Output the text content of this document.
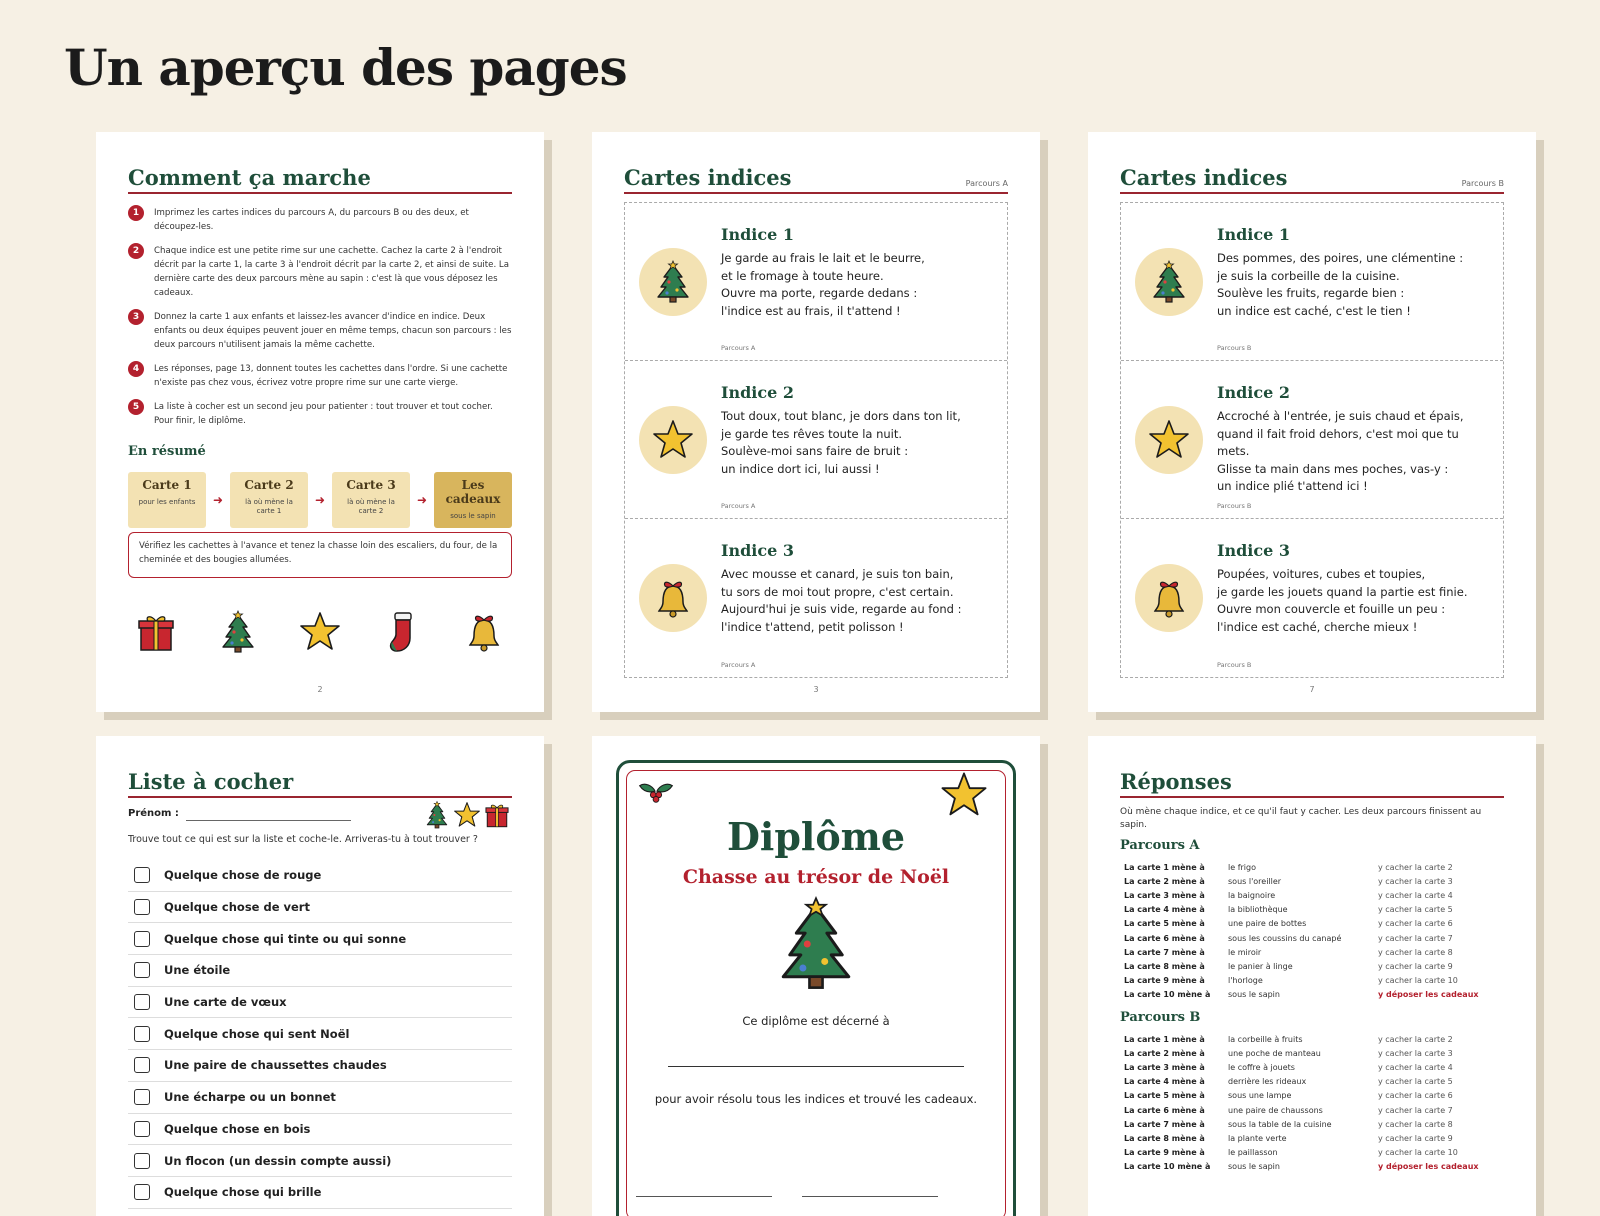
Un aperçu des pages
Comment ça marche
1	Imprimez les cartes indices du parcours A, du parcours B ou des deux, et découpez-les.
2	Chaque indice est une petite rime sur une cachette. Cachez la carte 2 à l'endroit décrit par la carte 1, la carte 3 à l'endroit décrit par la carte 2, et ainsi de suite. La dernière carte des deux parcours mène au sapin : c'est là que vous déposez les cadeaux.
3	Donnez la carte 1 aux enfants et laissez-les avancer d'indice en indice. Deux enfants ou deux équipes peuvent jouer en même temps, chacun son parcours : les deux parcours n'utilisent jamais la même cachette.
4	Les réponses, page 13, donnent toutes les cachettes dans l'ordre. Si une cachette n'existe pas chez vous, écrivez votre propre rime sur une carte vierge.
5	La liste à cocher est un second jeu pour patienter : tout trouver et tout cocher. Pour finir, le diplôme.
En résumé
Carte 1
pour les enfants	➜
Carte 2
là où mène la carte 1
➜
Carte 3
là où mène la carte 2
➜
Les cadeaux
sous le sapin
Vérifiez les cachettes à l'avance et tenez la chasse loin des escaliers, du four, de la cheminée et des bougies allumées.
2
Cartes indices	Parcours A
Indice 1
Je garde au frais le lait et le beurre,
et le fromage à toute heure.
Ouvre ma porte, regarde dedans :
l'indice est au frais, il t'attend !
Parcours A
Indice 2
Tout doux, tout blanc, je dors dans ton lit,
je garde tes rêves toute la nuit.
Soulève-moi sans faire de bruit :
un indice dort ici, lui aussi !
Parcours A
Indice 3
Avec mousse et canard, je suis ton bain,
tu sors de moi tout propre, c'est certain.
Aujourd'hui je suis vide, regarde au fond :
l'indice t'attend, petit polisson !
Parcours A
3
Cartes indices	Parcours B
Indice 1
Des pommes, des poires, une clémentine :
je suis la corbeille de la cuisine.
Soulève les fruits, regarde bien :
un indice est caché, c'est le tien !
Parcours B
Indice 2
Accroché à l'entrée, je suis chaud et épais,
quand il fait froid dehors, c'est moi que tu mets.
Glisse ta main dans mes poches, vas-y :
un indice plié t'attend ici !
Parcours B
Indice 3
Poupées, voitures, cubes et toupies,
je garde les jouets quand la partie est finie.
Ouvre mon couvercle et fouille un peu :
l'indice est caché, cherche mieux !
Parcours B
7
Liste à cocher
Prénom :
Trouve tout ce qui est sur la liste et coche-le. Arriveras-tu à tout trouver ?
Quelque chose de rouge
Quelque chose de vert
Quelque chose qui tinte ou qui sonne
Une étoile
Une carte de vœux
Quelque chose qui sent Noël
Une paire de chaussettes chaudes
Une écharpe ou un bonnet
Quelque chose en bois
Un flocon (un dessin compte aussi)
Quelque chose qui brille
Diplôme
Chasse au trésor de Noël
Ce diplôme est décerné à
pour avoir résolu tous les indices et trouvé les cadeaux.
Réponses
Où mène chaque indice, et ce qu'il faut y cacher. Les deux parcours finissent au sapin.
Parcours A
La carte 1 mène à	le frigo	y cacher la carte 2
La carte 2 mène à	sous l'oreiller	y cacher la carte 3
La carte 3 mène à	la baignoire	y cacher la carte 4
La carte 4 mène à	la bibliothèque	y cacher la carte 5
La carte 5 mène à	une paire de bottes	y cacher la carte 6
La carte 6 mène à	sous les coussins du canapé	y cacher la carte 7
La carte 7 mène à	le miroir	y cacher la carte 8
La carte 8 mène à	le panier à linge	y cacher la carte 9
La carte 9 mène à	l'horloge	y cacher la carte 10
La carte 10 mène à	sous le sapin	y déposer les cadeaux
Parcours B
La carte 1 mène à	la corbeille à fruits	y cacher la carte 2
La carte 2 mène à	une poche de manteau	y cacher la carte 3
La carte 3 mène à	le coffre à jouets	y cacher la carte 4
La carte 4 mène à	derrière les rideaux	y cacher la carte 5
La carte 5 mène à	sous une lampe	y cacher la carte 6
La carte 6 mène à	une paire de chaussons	y cacher la carte 7
La carte 7 mène à	sous la table de la cuisine	y cacher la carte 8
La carte 8 mène à	la plante verte	y cacher la carte 9
La carte 9 mène à	le paillasson	y cacher la carte 10
La carte 10 mène à	sous le sapin	y déposer les cadeaux
